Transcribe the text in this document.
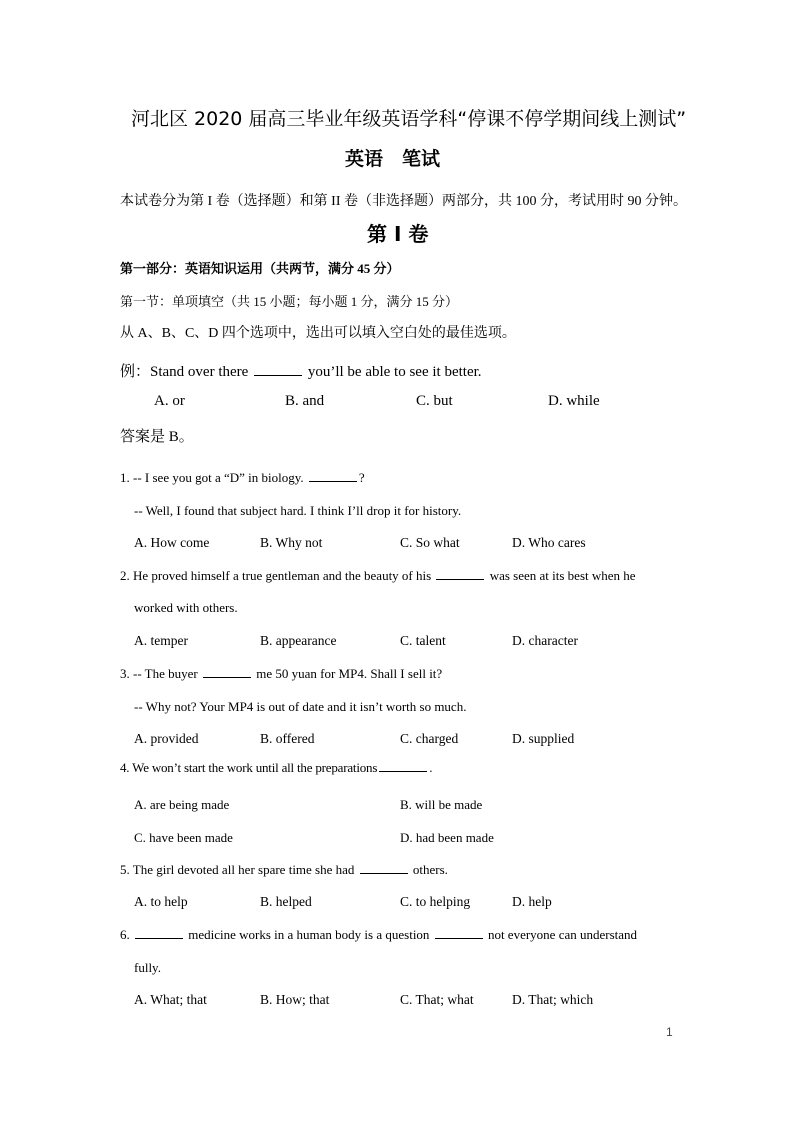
河北区 2020 届高三毕业年级英语学科“停课不停学期间线上测试”
英语　笔试
本试卷分为第 I 卷（选择题）和第 II 卷（非选择题）两部分，共 100 分，考试用时 90 分钟。
第 I 卷
第一部分：英语知识运用（共两节，满分 45 分）
第一节：单项填空（共 15 小题；每小题 1 分，满分 15 分）
从 A、B、C、D 四个选项中，选出可以填入空白处的最佳选项。
例：Stand over there	you’ll be able to see it better.
A. or	B. and	C. but	D. while
答案是 B。
1. -- I see you got a “D” in biology.	?
-- Well, I found that subject hard. I think I’ll drop it for history.
A. How come	B. Why not	C. So what	D. Who cares
2. He proved himself a true gentleman and the beauty of his	was seen at its best when he
worked with others.
A. temper	B. appearance	C. talent	D. character
3. -- The buyer	me 50 yuan for MP4. Shall I sell it?
-- Why not? Your MP4 is out of date and it isn’t worth so much.
A. provided	B. offered	C. charged	D. supplied
4. We won’t start the work until all the preparations	.
A. are being made	B. will be made
C. have been made	D. had been made
5. The girl devoted all her spare time she had	others.
A. to help	B. helped	C. to helping	D. help
6.	medicine works in a human body is a question	not everyone can understand
fully.
A. What; that	B. How; that	C. That; what	D. That; which
1
